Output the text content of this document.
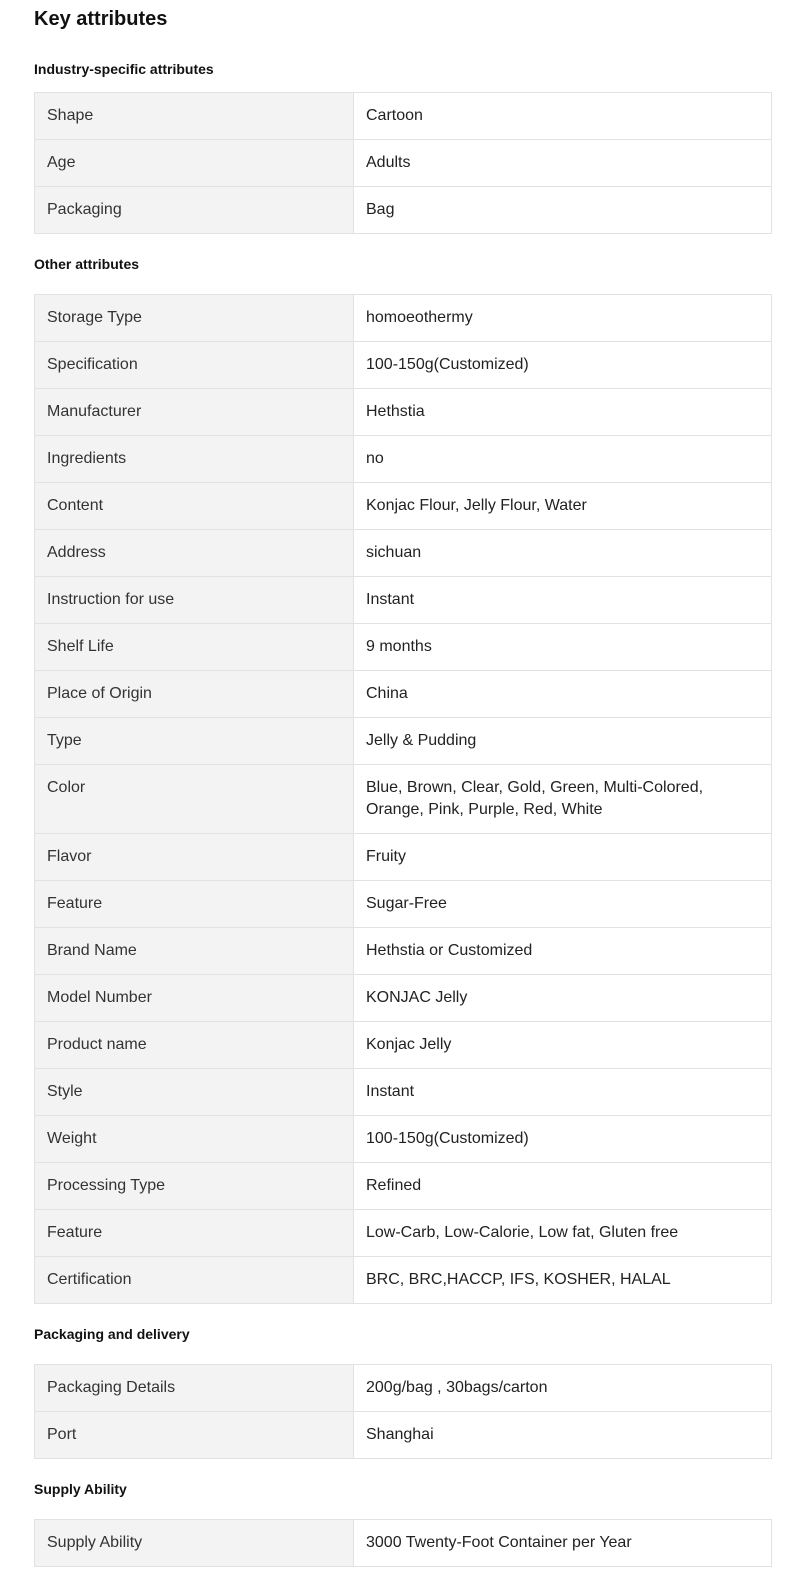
Key attributes
Industry-specific attributes
Shape	Cartoon
Age	Adults
Packaging	Bag
Other attributes
Storage Type	homoeothermy
Specification	100-150g(Customized)
Manufacturer	Hethstia
Ingredients	no
Content	Konjac Flour, Jelly Flour, Water
Address	sichuan
Instruction for use	Instant
Shelf Life	9 months
Place of Origin	China
Type	Jelly & Pudding
Color	Blue, Brown, Clear, Gold, Green, Multi-Colored, Orange, Pink, Purple, Red, White
Flavor	Fruity
Feature	Sugar-Free
Brand Name	Hethstia or Customized
Model Number	KONJAC Jelly
Product name	Konjac Jelly
Style	Instant
Weight	100-150g(Customized)
Processing Type	Refined
Feature	Low-Carb, Low-Calorie, Low fat, Gluten free
Certification	BRC, BRC,HACCP, IFS, KOSHER, HALAL
Packaging and delivery
Packaging Details	200g/bag , 30bags/carton
Port	Shanghai
Supply Ability
Supply Ability	3000 Twenty-Foot Container per Year
